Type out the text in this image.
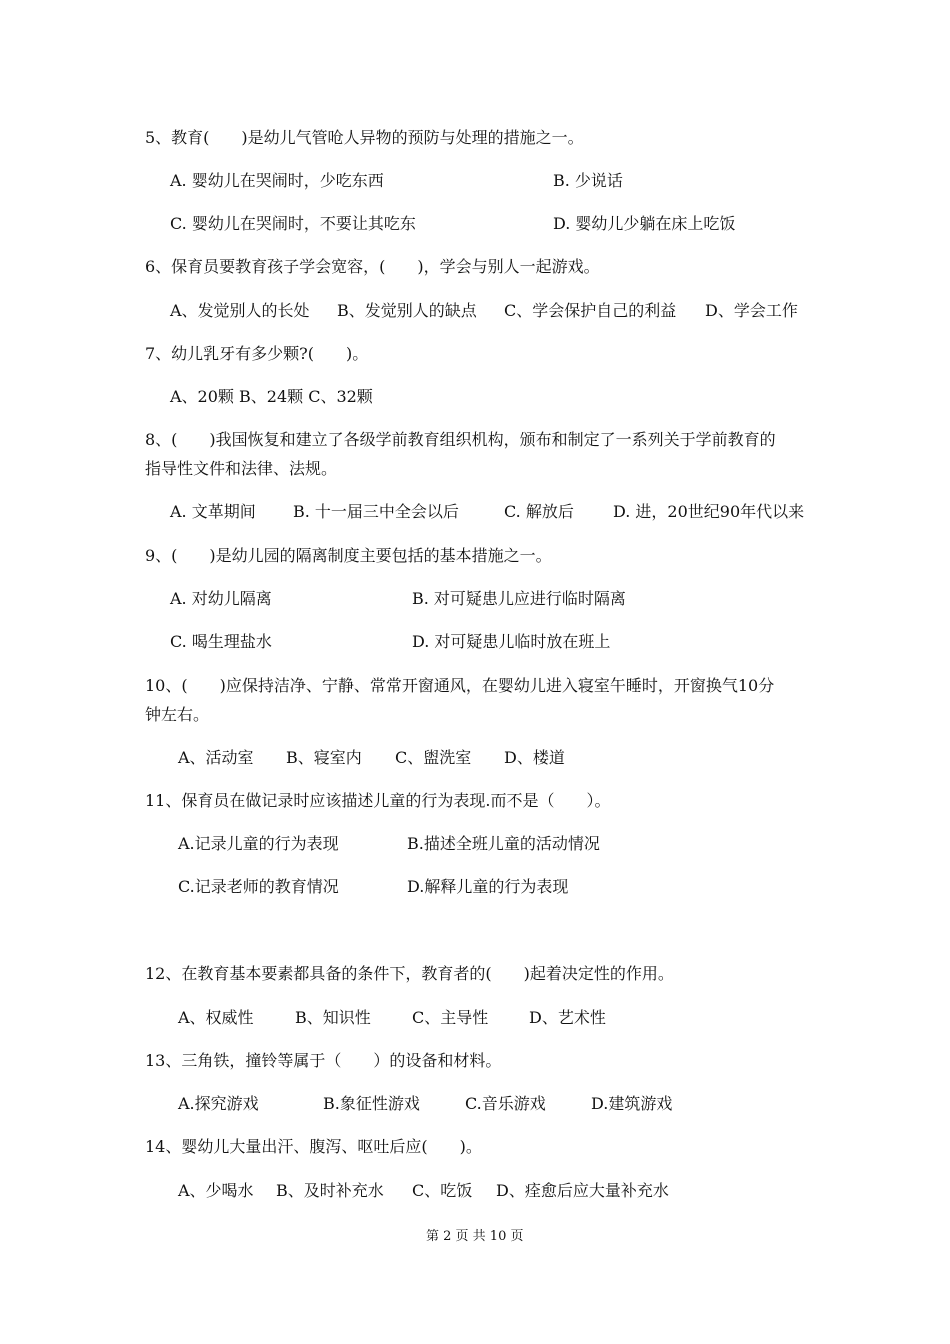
5、教育(　　)是幼儿气管呛人异物的预防与处理的措施之一。
A. 婴幼儿在哭闹时，少吃东西	B. 少说话
C. 婴幼儿在哭闹时，不要让其吃东	D. 婴幼儿少躺在床上吃饭
6、保育员要教育孩子学会宽容，(　　)，学会与别人一起游戏。
A、发觉别人的长处 B、发觉别人的缺点 C、学会保护自己的利益 D、学会工作
7、幼儿乳牙有多少颗?(　　)。
A、20颗 B、24颗 C、32颗
8、(　　)我国恢复和建立了各级学前教育组织机构，颁布和制定了一系列关于学前教育的
指导性文件和法律、法规。
A. 文革期间 B. 十一届三中全会以后	C. 解放后 D. 进，20世纪90年代以来
9、(　　)是幼儿园的隔离制度主要包括的基本措施之一。
A. 对幼儿隔离	B. 对可疑患儿应进行临时隔离
C. 喝生理盐水	D. 对可疑患儿临时放在班上
10、(　　)应保持洁净、宁静、常常开窗通风，在婴幼儿进入寝室午睡时，开窗换气10分
钟左右。
A、活动室 B、寝室内 C、盥洗室 D、楼道
11、保育员在做记录时应该描述儿童的行为表现.而不是（　　）。
A.记录儿童的行为表现	B.描述全班儿童的活动情况
C.记录老师的教育情况	D.解释儿童的行为表现
12、在教育基本要素都具备的条件下，教育者的(　　)起着决定性的作用。
A、权威性	B、知识性	C、主导性	D、艺术性
13、三角铁，撞铃等属于（　　）的设备和材料。
A.探究游戏	B.象征性游戏	C.音乐游戏	D.建筑游戏
14、婴幼儿大量出汗、腹泻、呕吐后应(　　)。
A、少喝水 B、及时补充水 C、吃饭 D、痊愈后应大量补充水
第 2 页 共 10 页
